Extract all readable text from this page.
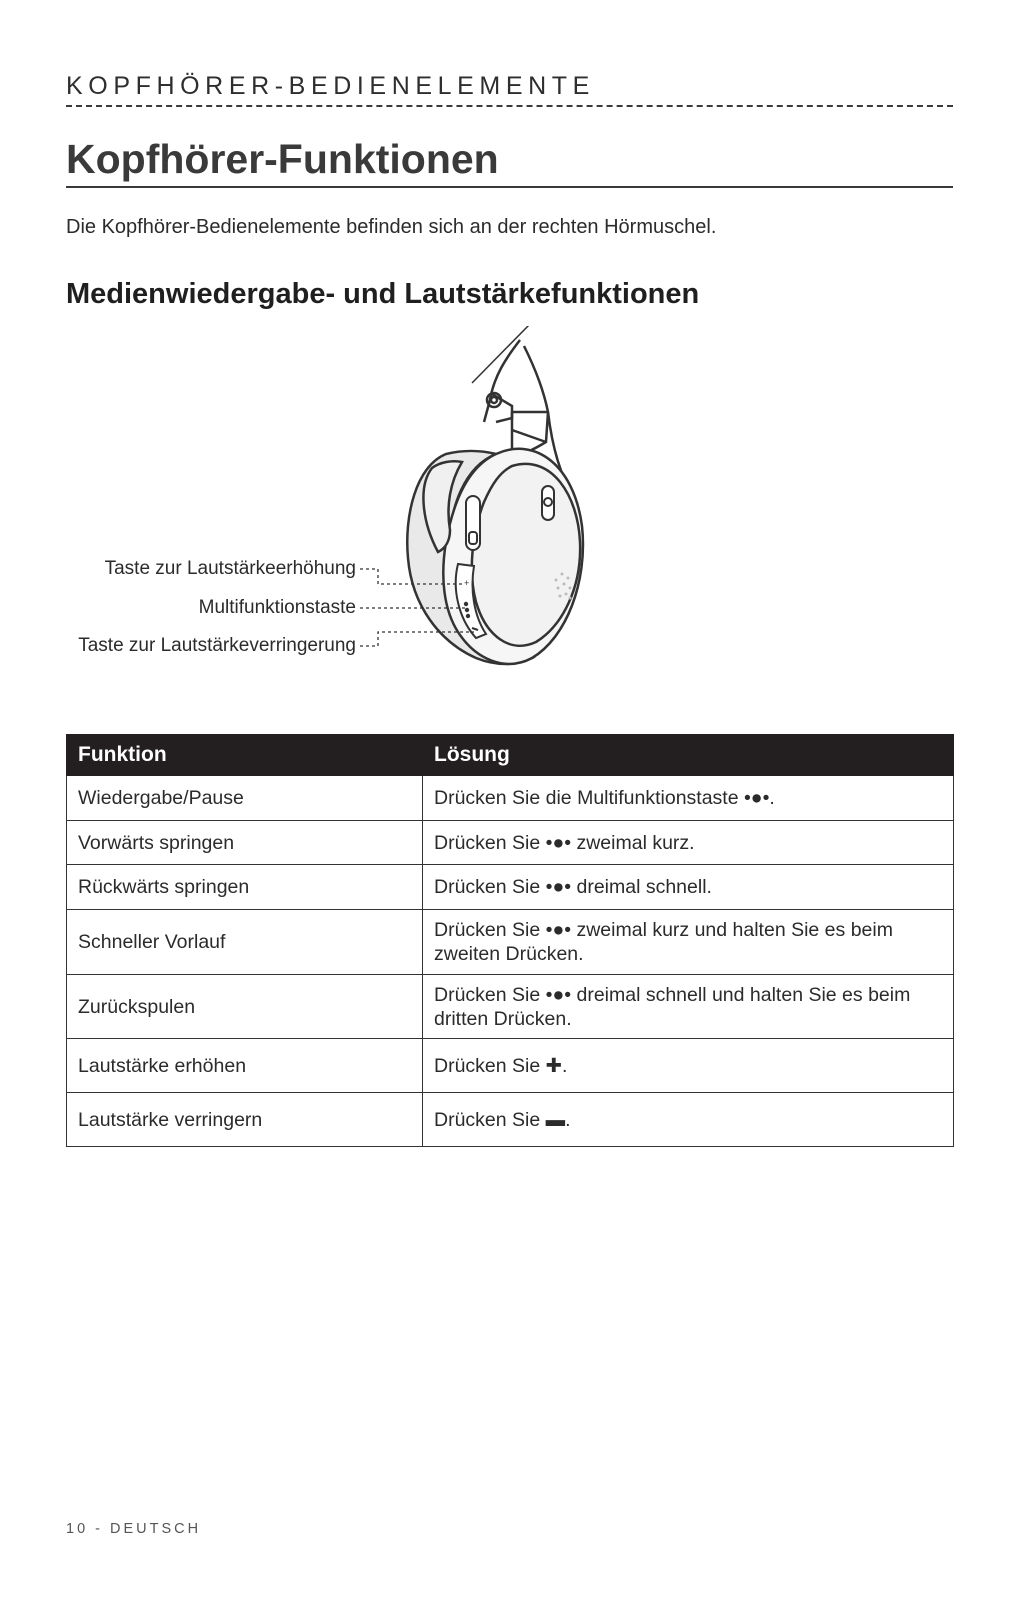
KOPFHÖRER-BEDIENELEMENTE
Kopfhörer-Funktionen
Die Kopfhörer-Bedienelemente befinden sich an der rechten Hörmuschel.
Medienwiedergabe- und Lautstärkefunktionen
+
Taste zur Lautstärkeerhöhung
Multifunktionstaste
Taste zur Lautstärkeverringerung
Funktion	Lösung
Wiedergabe/Pause	Drücken Sie die Multifunktionstaste •●•.
Vorwärts springen	Drücken Sie •●• zweimal kurz.
Rückwärts springen	Drücken Sie •●• dreimal schnell.
Schneller Vorlauf	Drücken Sie •●• zweimal kurz und halten Sie es beim zweiten Drücken.
Zurückspulen	Drücken Sie •●• dreimal schnell und halten Sie es beim dritten Drücken.
Lautstärke erhöhen	Drücken Sie ✚.
Lautstärke verringern	Drücken Sie ▬.
10 - DEUTSCH
